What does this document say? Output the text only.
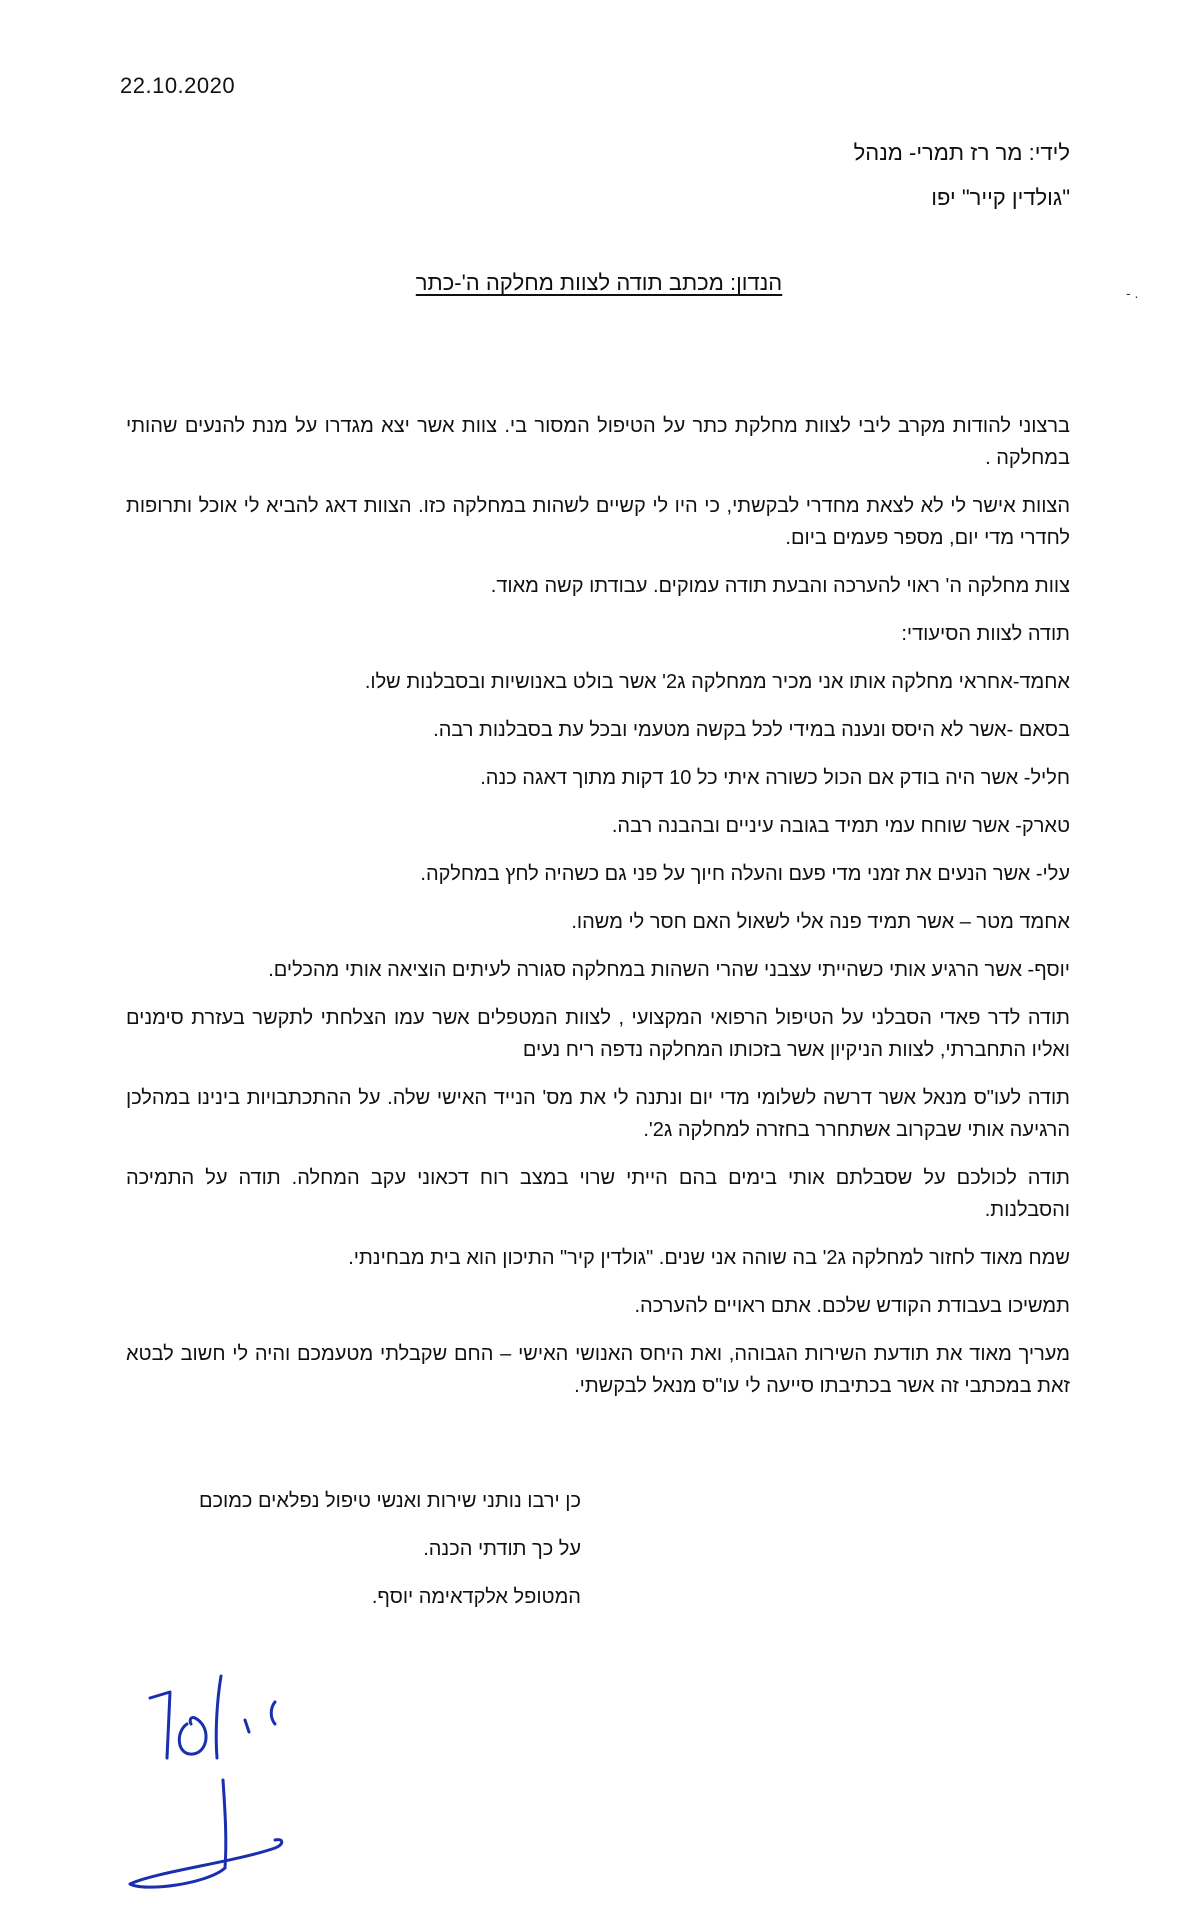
22.10.2020
לידי: מר רז תמרי- מנהל
"גולדין קייר" יפו
הנדון: מכתב תודה לצוות מחלקה ה'-כתר	- .

ברצוני להודות מקרב ליבי לצוות מחלקת כתר על הטיפול המסור בי. צוות אשר יצא מגדרו על מנת להנעים שהותי במחלקה .

הצוות אישר לי לא לצאת מחדרי לבקשתי, כי היו לי קשיים לשהות במחלקה כזו. הצוות דאג להביא לי אוכל ותרופות לחדרי מדי יום, מספר פעמים ביום.

צוות מחלקה ה' ראוי להערכה והבעת תודה עמוקים. עבודתו קשה מאוד.

תודה לצוות הסיעודי:

אחמד-אחראי מחלקה אותו אני מכיר ממחלקה ג2' אשר בולט באנושיות ובסבלנות שלו.

בסאם -אשר לא היסס ונענה במידי לכל בקשה מטעמי ובכל עת בסבלנות רבה.

חליל- אשר היה בודק אם הכול כשורה איתי כל 10 דקות מתוך דאגה כנה.

טארק- אשר שוחח עמי תמיד בגובה עיניים ובהבנה רבה.

עלי- אשר הנעים את זמני מדי פעם והעלה חיוך על פני גם כשהיה לחץ במחלקה.

אחמד מטר – אשר תמיד פנה אלי לשאול האם חסר לי משהו.

יוסף- אשר הרגיע אותי כשהייתי עצבני שהרי השהות במחלקה סגורה לעיתים הוציאה אותי מהכלים.

תודה לדר פאדי הסבלני על הטיפול הרפואי המקצועי , לצוות המטפלים אשר עמו הצלחתי לתקשר בעזרת סימנים ואליו התחברתי, לצוות הניקיון אשר בזכותו המחלקה נדפה ריח נעים

תודה לעו"ס מנאל אשר דרשה לשלומי מדי יום ונתנה לי את מס' הנייד האישי שלה. על ההתכתבויות בינינו במהלכן הרגיעה אותי שבקרוב אשתחרר בחזרה למחלקה ג2'.

תודה לכולכם על שסבלתם אותי בימים בהם הייתי שרוי במצב רוח דכאוני עקב המחלה. תודה על התמיכה והסבלנות.

שמח מאוד לחזור למחלקה ג2' בה שוהה אני שנים. "גולדין קיר" התיכון הוא בית מבחינתי.

תמשיכו בעבודת הקודש שלכם. אתם ראויים להערכה.

מעריך מאוד את תודעת השירות הגבוהה, ואת היחס האנושי האישי – החם שקבלתי מטעמכם והיה לי חשוב לבטא זאת במכתבי זה אשר בכתיבתו סייעה לי עו"ס מנאל לבקשתי.

כן ירבו נותני שירות ואנשי טיפול נפלאים כמוכם

על כך תודתי הכנה.

המטופל אלקדאימה יוסף.
